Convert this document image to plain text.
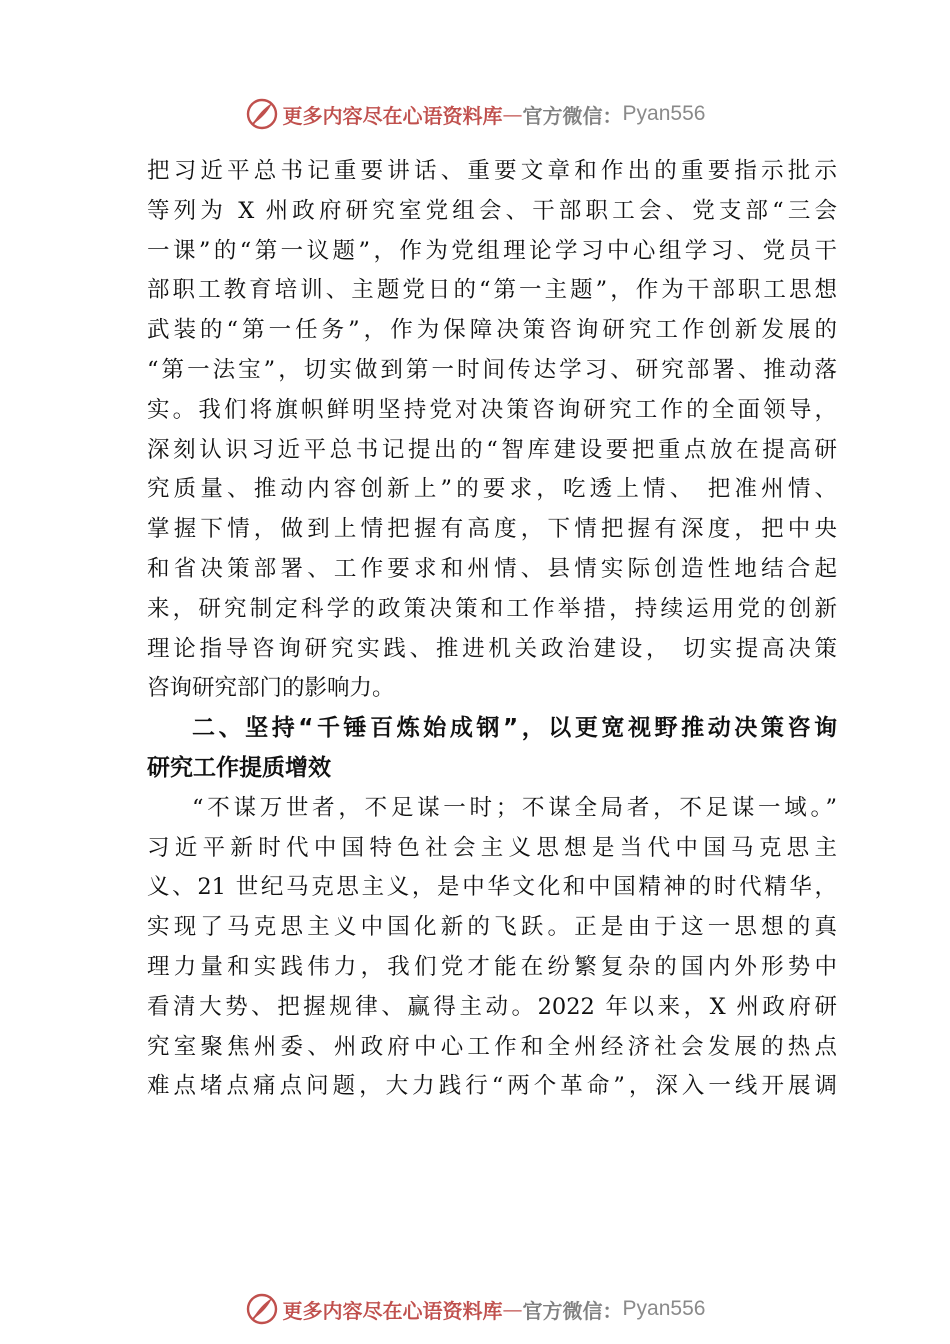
更多内容尽在心语资料库 — 官方微信： Pyan556
把习近平总书记重要讲话、重要文章和作出的重要指示批示
等列为 X 州政府研究室党组会、干部职工会、党支部“三会
一课”的“第一议题”，作为党组理论学习中心组学习、党员干
部职工教育培训、主题党日的“第一主题”，作为干部职工思想
武装的“第一任务”，作为保障决策咨询研究工作创新发展的
“第一法宝”，切实做到第一时间传达学习、研究部署、推动落
实。我们将旗帜鲜明坚持党对决策咨询研究工作的全面领导，
深刻认识习近平总书记提出的“智库建设要把重点放在提高研
究质量、推动内容创新上”的要求，吃透上情、 把准州情、
掌握下情，做到上情把握有高度，下情把握有深度，把中央
和省决策部署、工作要求和州情、县情实际创造性地结合起
来，研究制定科学的政策决策和工作举措，持续运用党的创新
理论指导咨询研究实践、推进机关政治建设， 切实提高决策
咨询研究部门的影响力。
二、坚持“千锤百炼始成钢”，以更宽视野推动决策咨询
研究工作提质增效
“不谋万世者，不足谋一时；不谋全局者，不足谋一域。”
习近平新时代中国特色社会主义思想是当代中国马克思主
义、21 世纪马克思主义，是中华文化和中国精神的时代精华，
实现了马克思主义中国化新的飞跃。正是由于这一思想的真
理力量和实践伟力，我们党才能在纷繁复杂的国内外形势中
看清大势、把握规律、赢得主动。2022 年以来，X 州政府研
究室聚焦州委、州政府中心工作和全州经济社会发展的热点
难点堵点痛点问题，大力践行“两个革命”，深入一线开展调
更多内容尽在心语资料库 — 官方微信： Pyan556
